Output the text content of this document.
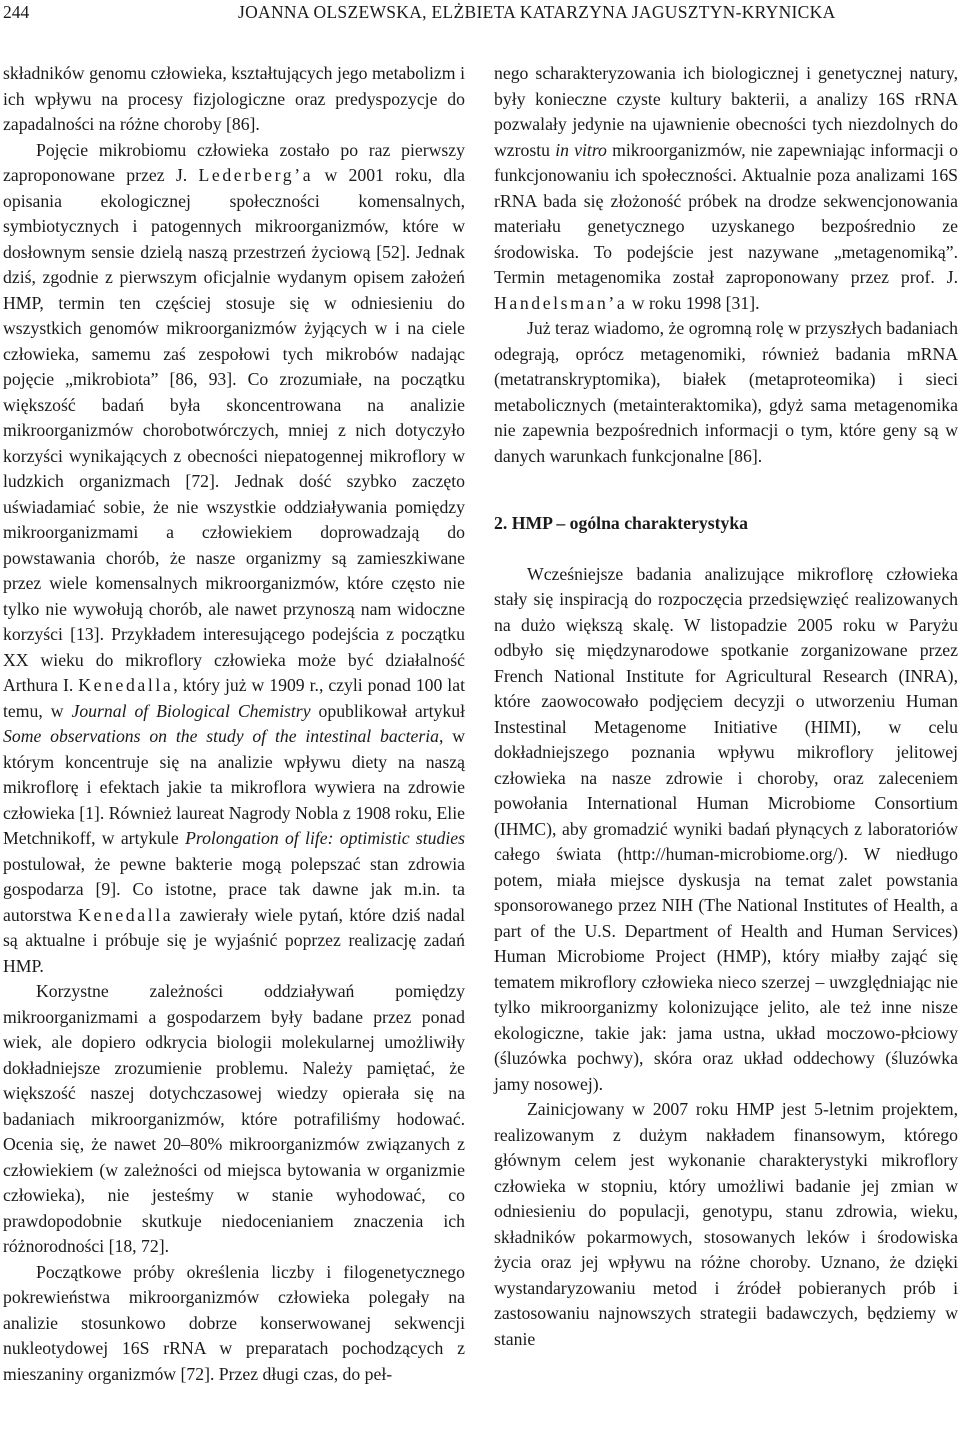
244	JOANNA OLSZEWSKA, ELŻBIETA KATARZYNA JAGUSZTYN-KRYNICKA

składników genomu człowieka, kształtujących jego metabolizm i ich wpływu na procesy fizjologiczne oraz predyspozycje do zapadalności na różne choroby [86].

Pojęcie mikrobiomu człowieka zostało po raz pierwszy zaproponowane przez J. Lederberg’a w 2001 roku, dla opisania ekologicznej społeczności komensalnych, symbiotycznych i patogennych mikroorganizmów, które w dosłownym sensie dzielą naszą przestrzeń życiową [52]. Jednak dziś, zgodnie z pierwszym oficjalnie wydanym opisem założeń HMP, termin ten częściej stosuje się w odniesieniu do wszystkich genomów mikroorganizmów żyjących w i na ciele człowieka, samemu zaś zespołowi tych mikrobów nadając pojęcie „mikrobiota” [86, 93]. Co zrozumiałe, na początku większość badań była skoncentrowana na analizie mikroorganizmów chorobotwórczych, mniej z nich dotyczyło korzyści wynikających z obecności niepatogennej mikroflory w ludzkich organizmach [72]. Jednak dość szybko zaczęto uświadamiać sobie, że nie wszystkie oddziaływania pomiędzy mikroorganizmami a człowiekiem doprowadzają do powstawania chorób, że nasze organizmy są zamieszkiwane przez wiele komensalnych mikroorganizmów, które często nie tylko nie wywołują chorób, ale nawet przynoszą nam widoczne korzyści [13]. Przykładem interesującego podejścia z początku XX wieku do mikroflory człowieka może być działalność Arthura I. Kenedalla, który już w 1909 r., czyli ponad 100 lat temu, w Journal of Biological Chemistry opublikował artykuł Some observations on the study of the intestinal bacteria, w którym koncentruje się na analizie wpływu diety na naszą mikroflorę i efektach jakie ta mikroflora wywiera na zdrowie człowieka [1]. Również laureat Nagrody Nobla z 1908 roku, Elie Metchnikoff, w artykule Prolongation of life: optimistic studies postulował, że pewne bakterie mogą polepszać stan zdrowia gospodarza [9]. Co istotne, prace tak dawne jak m.in. ta autorstwa Kenedalla zawierały wiele pytań, które dziś nadal są aktualne i próbuje się je wyjaśnić poprzez realizację zadań HMP.

Korzystne zależności oddziaływań pomiędzy mikroorganizmami a gospodarzem były badane przez ponad wiek, ale dopiero odkrycia biologii molekularnej umożliwiły dokładniejsze zrozumienie problemu. Należy pamiętać, że większość naszej dotychczasowej wiedzy opierała się na badaniach mikroorganizmów, które potrafiliśmy hodować. Ocenia się, że nawet 20–80% mikroorganizmów związanych z człowiekiem (w zależności od miejsca bytowania w organizmie człowieka), nie jesteśmy w stanie wyhodować, co prawdopodobnie skutkuje niedocenianiem znaczenia ich różnorodności [18, 72].

Początkowe próby określenia liczby i filogenetycznego pokrewieństwa mikroorganizmów człowieka polegały na analizie stosunkowo dobrze konserwowanej sekwencji nukleotydowej 16S rRNA w preparatach pochodzących z mieszaniny organizmów [72]. Przez długi czas, do peł-

nego scharakteryzowania ich biologicznej i genetycznej natury, były konieczne czyste kultury bakterii, a analizy 16S rRNA pozwalały jedynie na ujawnienie obecności tych niezdolnych do wzrostu in vitro mikroorganizmów, nie zapewniając informacji o funkcjonowaniu ich społeczności. Aktualnie poza analizami 16S rRNA bada się złożoność próbek na drodze sekwencjonowania materiału genetycznego uzyskanego bezpośrednio ze środowiska. To podejście jest nazywane „metagenomiką”. Termin metagenomika został zaproponowany przez prof. J. Handelsman’a w roku 1998 [31].

Już teraz wiadomo, że ogromną rolę w przyszłych badaniach odegrają, oprócz metagenomiki, również badania mRNA (metatranskryptomika), białek (metaproteomika) i sieci metabolicznych (metainteraktomika), gdyż sama metagenomika nie zapewnia bezpośrednich informacji o tym, które geny są w danych warunkach funkcjonalne [86].

2. HMP – ogólna charakterystyka

Wcześniejsze badania analizujące mikroflorę człowieka stały się inspiracją do rozpoczęcia przedsięwzięć realizowanych na dużo większą skalę. W listopadzie 2005 roku w Paryżu odbyło się międzynarodowe spotkanie zorganizowane przez French National Institute for Agricultural Research (INRA), które zaowocowało podjęciem decyzji o utworzeniu Human Instestinal Metagenome Initiative (HIMI), w celu dokładniejszego poznania wpływu mikroflory jelitowej człowieka na nasze zdrowie i choroby, oraz zaleceniem powołania International Human Microbiome Consortium (IHMC), aby gromadzić wyniki badań płynących z laboratoriów całego świata (http://human-microbiome.org/). W niedługo potem, miała miejsce dyskusja na temat zalet powstania sponsorowanego przez NIH (The National Institutes of Health, a part of the U.S. Department of Health and Human Services) Human Microbiome Project (HMP), który miałby zająć się tematem mikroflory człowieka nieco szerzej – uwzględniając nie tylko mikroorganizmy kolonizujące jelito, ale też inne nisze ekologiczne, takie jak: jama ustna, układ moczowo-płciowy (śluzówka pochwy), skóra oraz układ oddechowy (śluzówka jamy nosowej).

Zainicjowany w 2007 roku HMP jest 5-letnim projektem, realizowanym z dużym nakładem finansowym, którego głównym celem jest wykonanie charakterystyki mikroflory człowieka w stopniu, który umożliwi badanie jej zmian w odniesieniu do populacji, genotypu, stanu zdrowia, wieku, składników pokarmowych, stosowanych leków i środowiska życia oraz jej wpływu na różne choroby. Uznano, że dzięki wystandaryzowaniu metod i źródeł pobieranych prób i zastosowaniu najnowszych strategii badawczych, będziemy w stanie
